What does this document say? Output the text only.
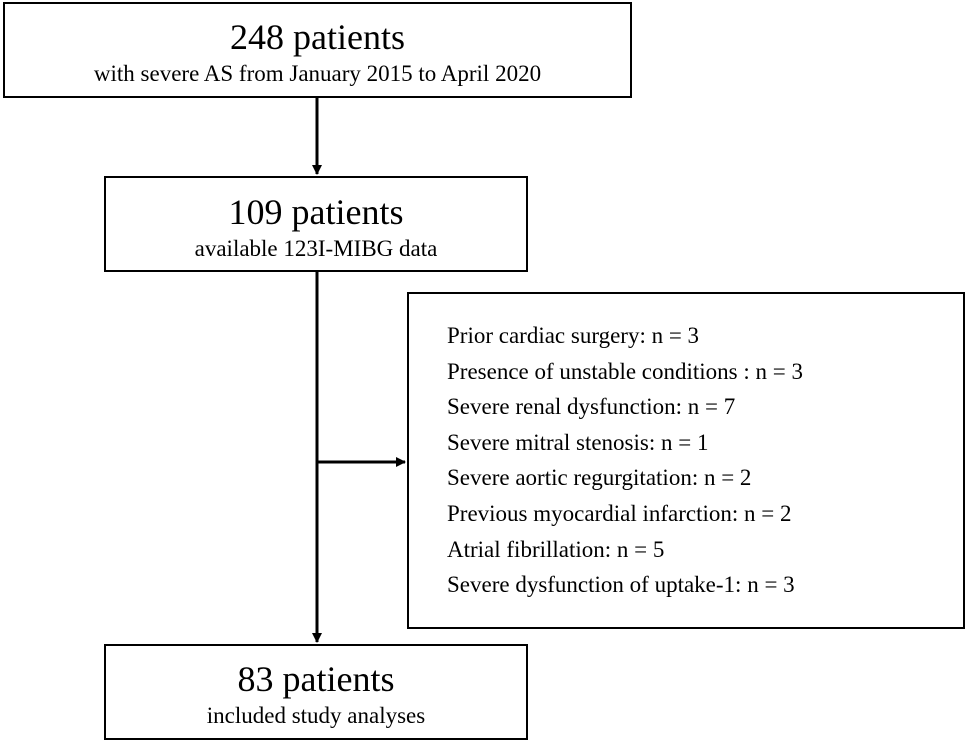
248 patients
with severe AS from January 2015 to April 2020
109 patients
available 123I-MIBG data
Prior cardiac surgery: n = 3
Presence of unstable conditions : n = 3
Severe renal dysfunction: n = 7
Severe mitral stenosis: n = 1
Severe aortic regurgitation: n = 2
Previous myocardial infarction: n = 2
Atrial fibrillation: n = 5
Severe dysfunction of uptake-1: n = 3
83 patients
included study analyses
